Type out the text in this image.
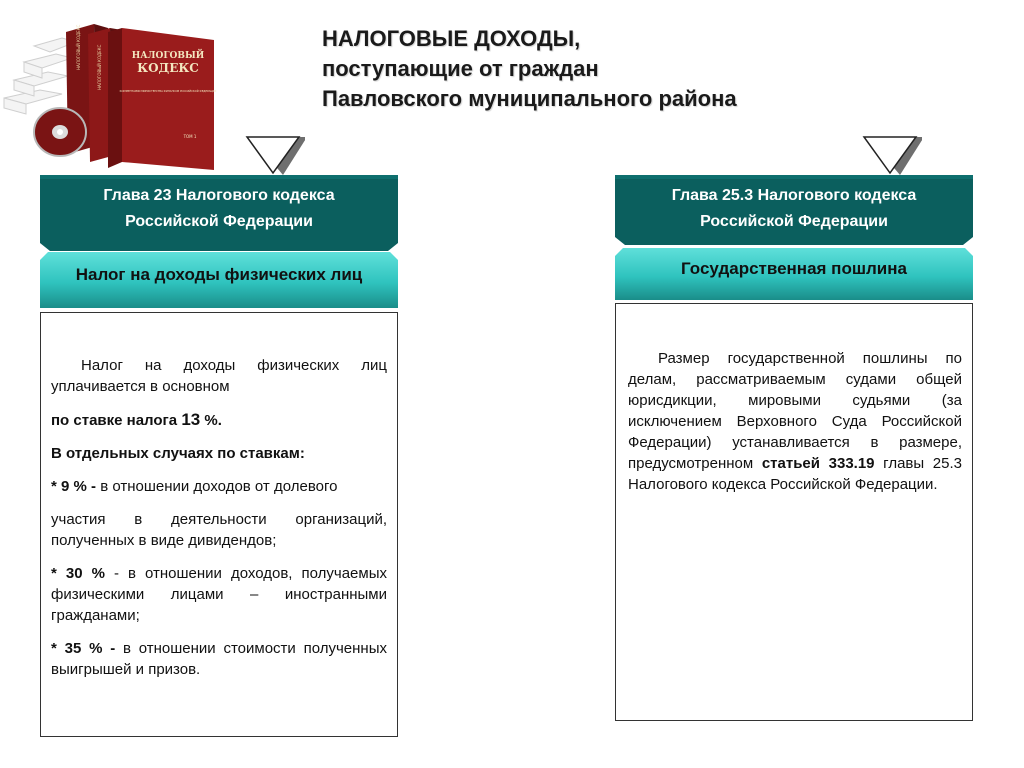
НАЛОГОВЫЙ КОДЕКС	НАЛОГОВЫЙ КОДЕКС	НАЛОГОВЫЙ
КОДЕКС
КОММЕНТАРИИ МИНИСТЕРСТВА ФИНАНСОВ РОССИЙСКОЙ ФЕДЕРАЦИИ
ТОМ 1
НАЛОГОВЫЕ ДОХОДЫ,
поступающие от граждан
Павловского муниципального района
Глава 23 Налогового кодекса
Российской Федерации
Глава 25.3 Налогового кодекса
Российской Федерации
Налог на доходы физических лиц	Государственная пошлина

Налог на доходы физических лиц уплачивается в основном

по ставке налога 13 %.

В отдельных случаях по ставкам:

* 9 % - в отношении доходов от долевого

участия в деятельности организаций, полученных в виде дивидендов;

* 30 % - в отношении доходов, получаемых физическими лицами – иностранными гражданами;

* 35 % - в отношении стоимости полученных выигрышей и призов.

Размер государственной пошлины по делам, рассматриваемым судами общей юрисдикции, мировыми судьями (за исключением Верховного Суда Российской Федерации) устанавливается в размере, предусмотренном статьей 333.19 главы 25.3 Налогового кодекса Российской Федерации.
